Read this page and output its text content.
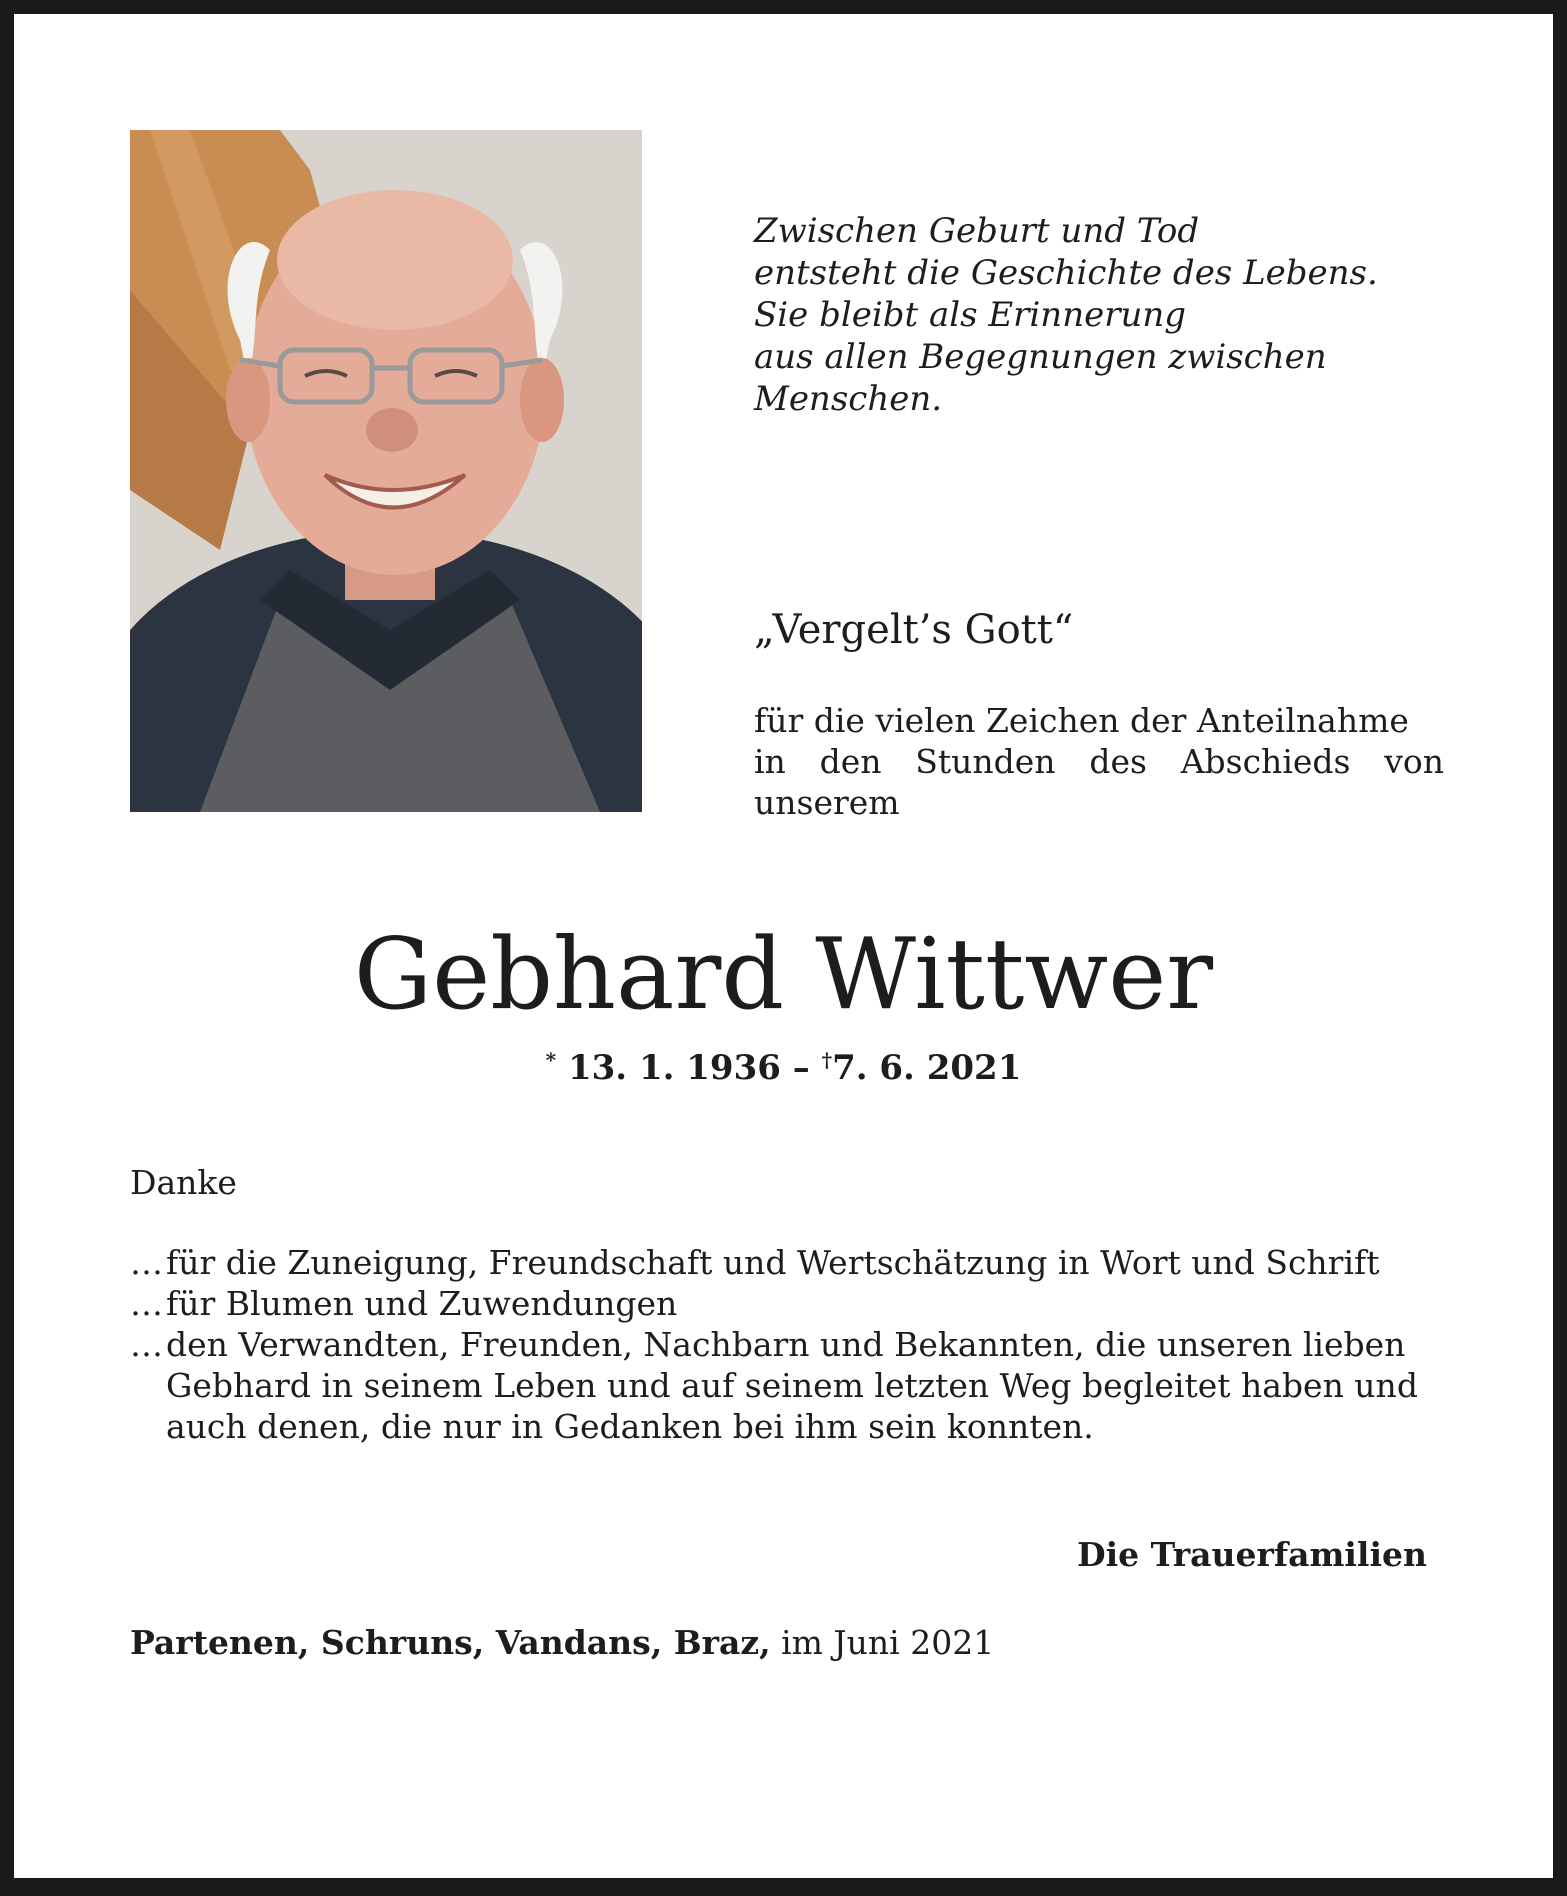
Zwischen Geburt und Tod
entsteht die Geschichte des Lebens.
Sie bleibt als Erinnerung
aus allen Begegnungen zwischen
Menschen.
„Vergelt’s Gott“
für die vielen Zeichen der Anteilnahme
in den Stunden des Abschieds von
unserem
Gebhard Wittwer
* 13. 1. 1936 – †7. 6. 2021
Danke
… für die Zuneigung, Freundschaft und Wertschätzung in Wort und Schrift
… für Blumen und Zuwendungen
… den Verwandten, Freunden, Nachbarn und Bekannten, die unseren lieben
Gebhard in seinem Leben und auf seinem letzten Weg begleitet haben und
auch denen, die nur in Gedanken bei ihm sein konnten.
Die Trauerfamilien
Partenen, Schruns, Vandans, Braz, im Juni 2021
